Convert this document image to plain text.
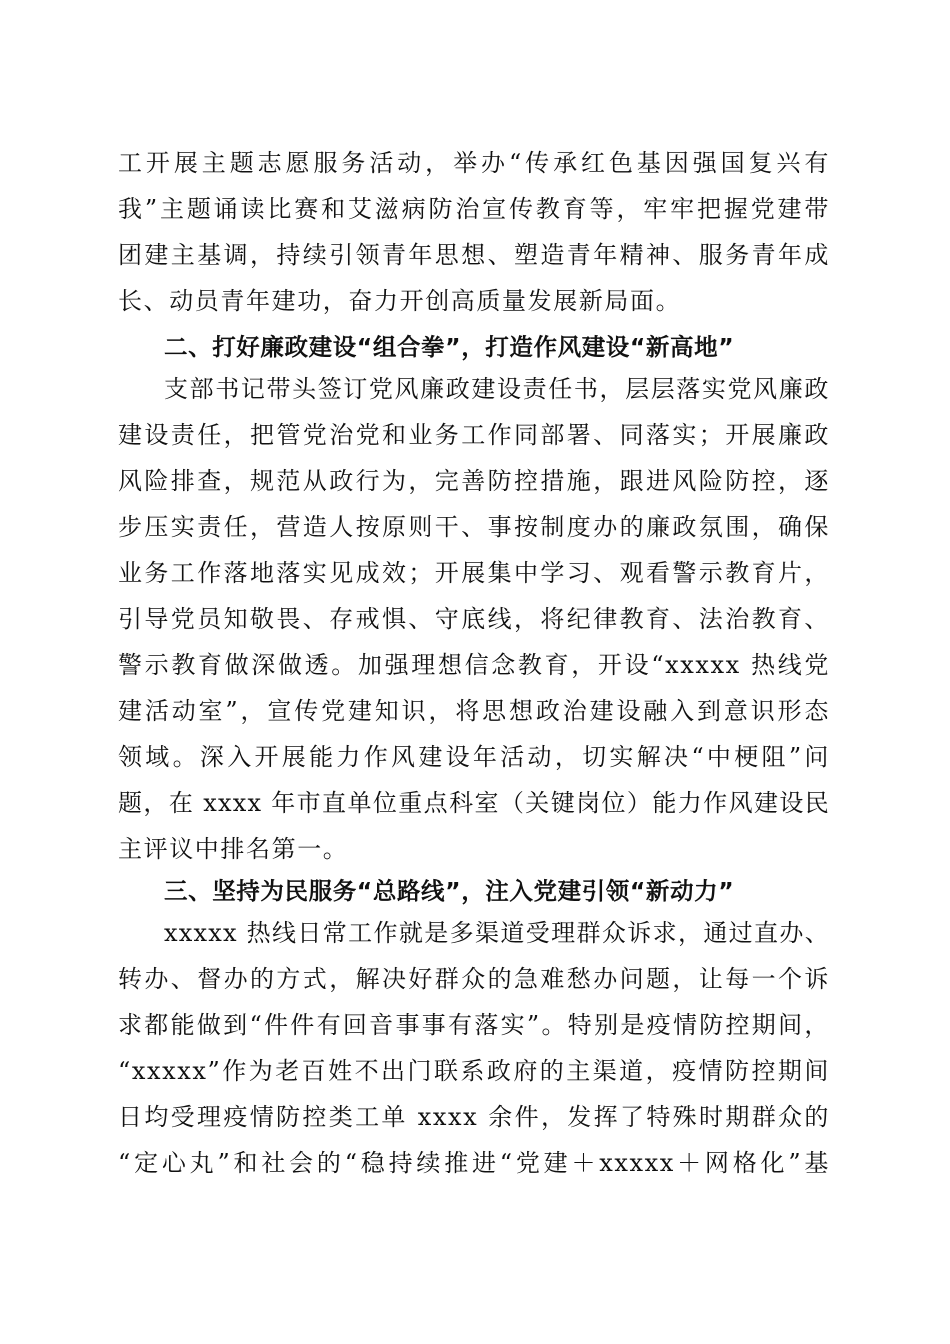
工开展主题志愿服务活动，举办“传承红色基因强国复兴有
我”主题诵读比赛和艾滋病防治宣传教育等，牢牢把握党建带
团建主基调，持续引领青年思想、塑造青年精神、服务青年成
长、动员青年建功，奋力开创高质量发展新局面。
二、打好廉政建设“组合拳”，打造作风建设“新高地”
支部书记带头签订党风廉政建设责任书，层层落实党风廉政
建设责任，把管党治党和业务工作同部署、同落实；开展廉政
风险排查，规范从政行为，完善防控措施，跟进风险防控，逐
步压实责任，营造人按原则干、事按制度办的廉政氛围，确保
业务工作落地落实见成效；开展集中学习、观看警示教育片，
引导党员知敬畏、存戒惧、守底线，将纪律教育、法治教育、
警示教育做深做透。加强理想信念教育，开设“xxxxx 热线党
建活动室”，宣传党建知识，将思想政治建设融入到意识形态
领域。深入开展能力作风建设年活动，切实解决“中梗阻”问
题，在 xxxx 年市直单位重点科室（关键岗位）能力作风建设民
主评议中排名第一。
三、坚持为民服务“总路线”，注入党建引领“新动力”
xxxxx 热线日常工作就是多渠道受理群众诉求，通过直办、
转办、督办的方式，解决好群众的急难愁办问题，让每一个诉
求都能做到“件件有回音事事有落实”。特别是疫情防控期间，
“xxxxx”作为老百姓不出门联系政府的主渠道，疫情防控期间
日均受理疫情防控类工单 xxxx 余件，发挥了特殊时期群众的
“定心丸”和社会的“稳持续推进“党建＋xxxxx＋网格化”基
